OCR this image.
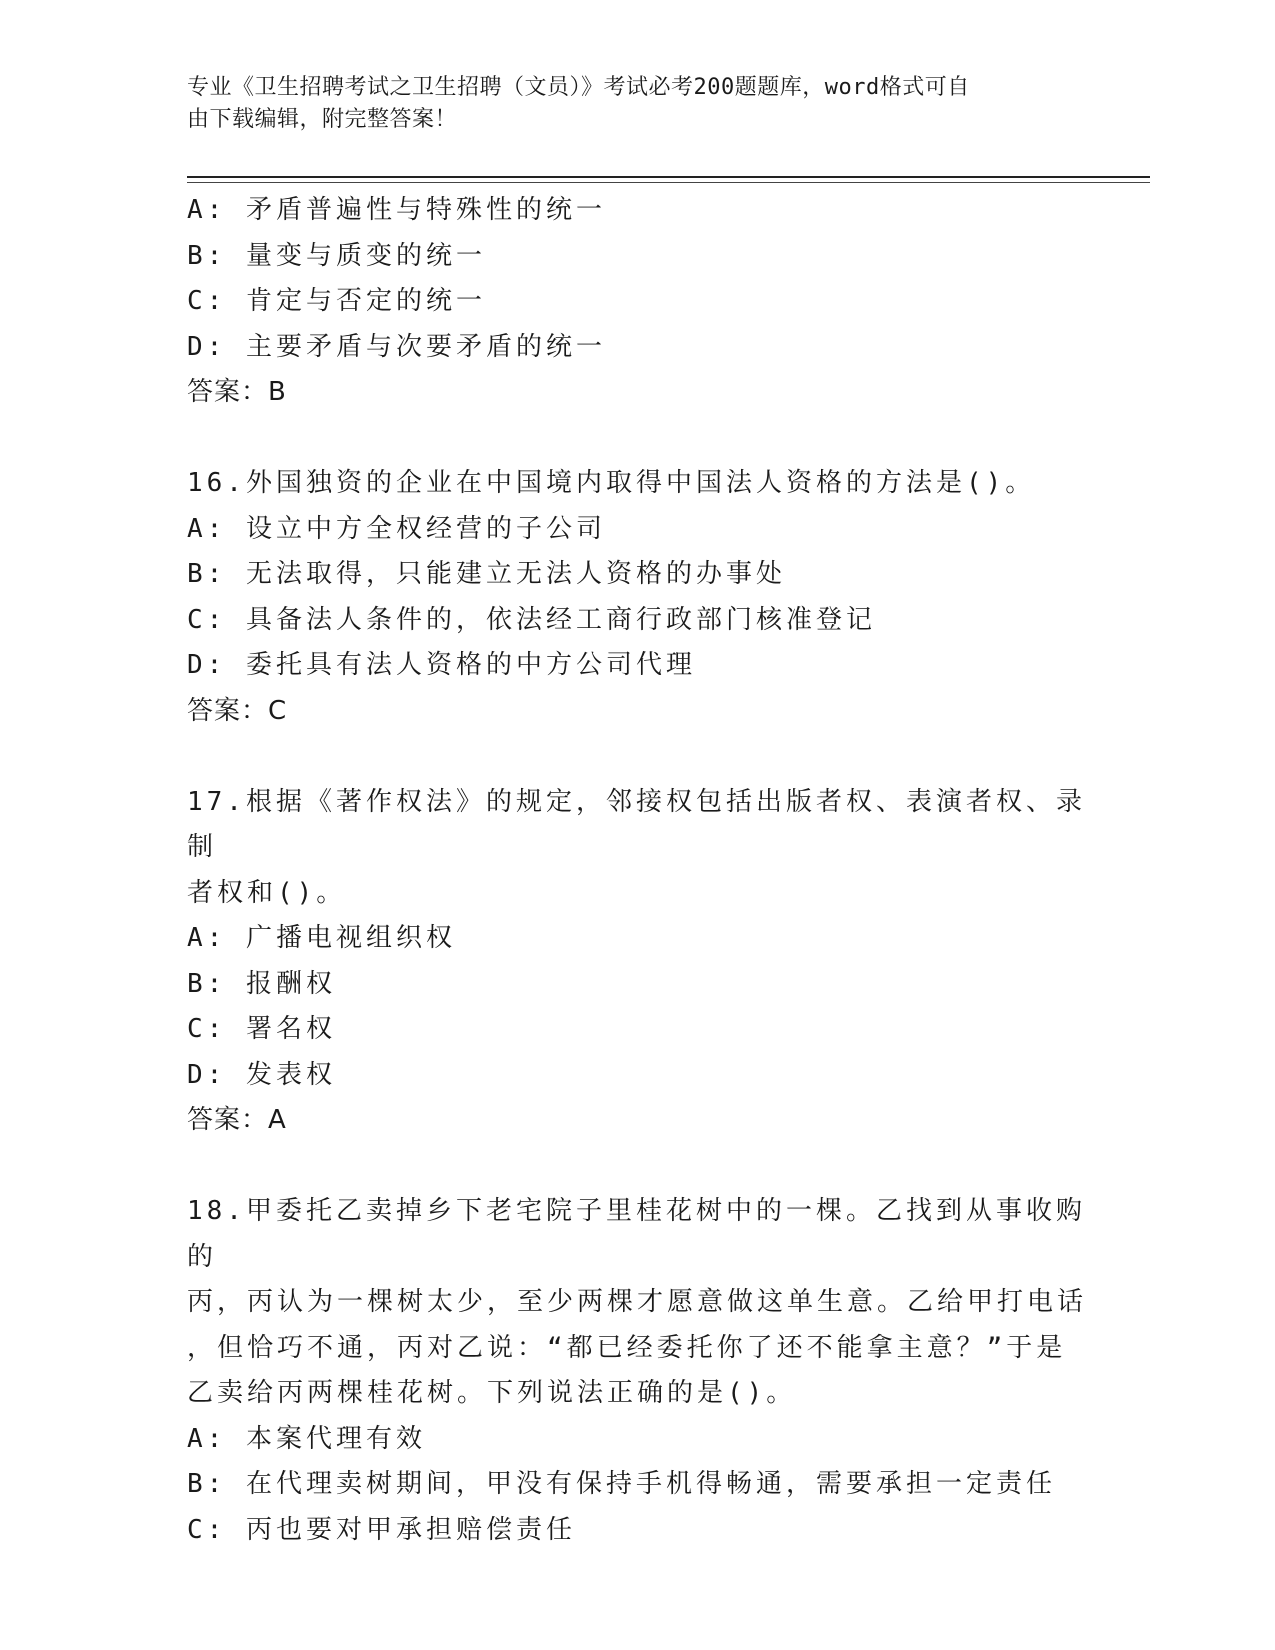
专业《卫生招聘考试之卫生招聘（文员）》考试必考200题题库，word格式可自
由下载编辑，附完整答案！
A: 矛盾普遍性与特殊性的统一
B: 量变与质变的统一
C: 肯定与否定的统一
D: 主要矛盾与次要矛盾的统一
答案：B
16.外国独资的企业在中国境内取得中国法人资格的方法是()。
A: 设立中方全权经营的子公司
B: 无法取得，只能建立无法人资格的办事处
C: 具备法人条件的，依法经工商行政部门核准登记
D: 委托具有法人资格的中方公司代理
答案：C
17.根据《著作权法》的规定，邻接权包括出版者权、表演者权、录制
者权和()。
A: 广播电视组织权
B: 报酬权
C: 署名权
D: 发表权
答案：A
18.甲委托乙卖掉乡下老宅院子里桂花树中的一棵。乙找到从事收购的
丙，丙认为一棵树太少，至少两棵才愿意做这单生意。乙给甲打电话
，但恰巧不通，丙对乙说：“都已经委托你了还不能拿主意？”于是
乙卖给丙两棵桂花树。下列说法正确的是()。
A: 本案代理有效
B: 在代理卖树期间，甲没有保持手机得畅通，需要承担一定责任
C: 丙也要对甲承担赔偿责任
